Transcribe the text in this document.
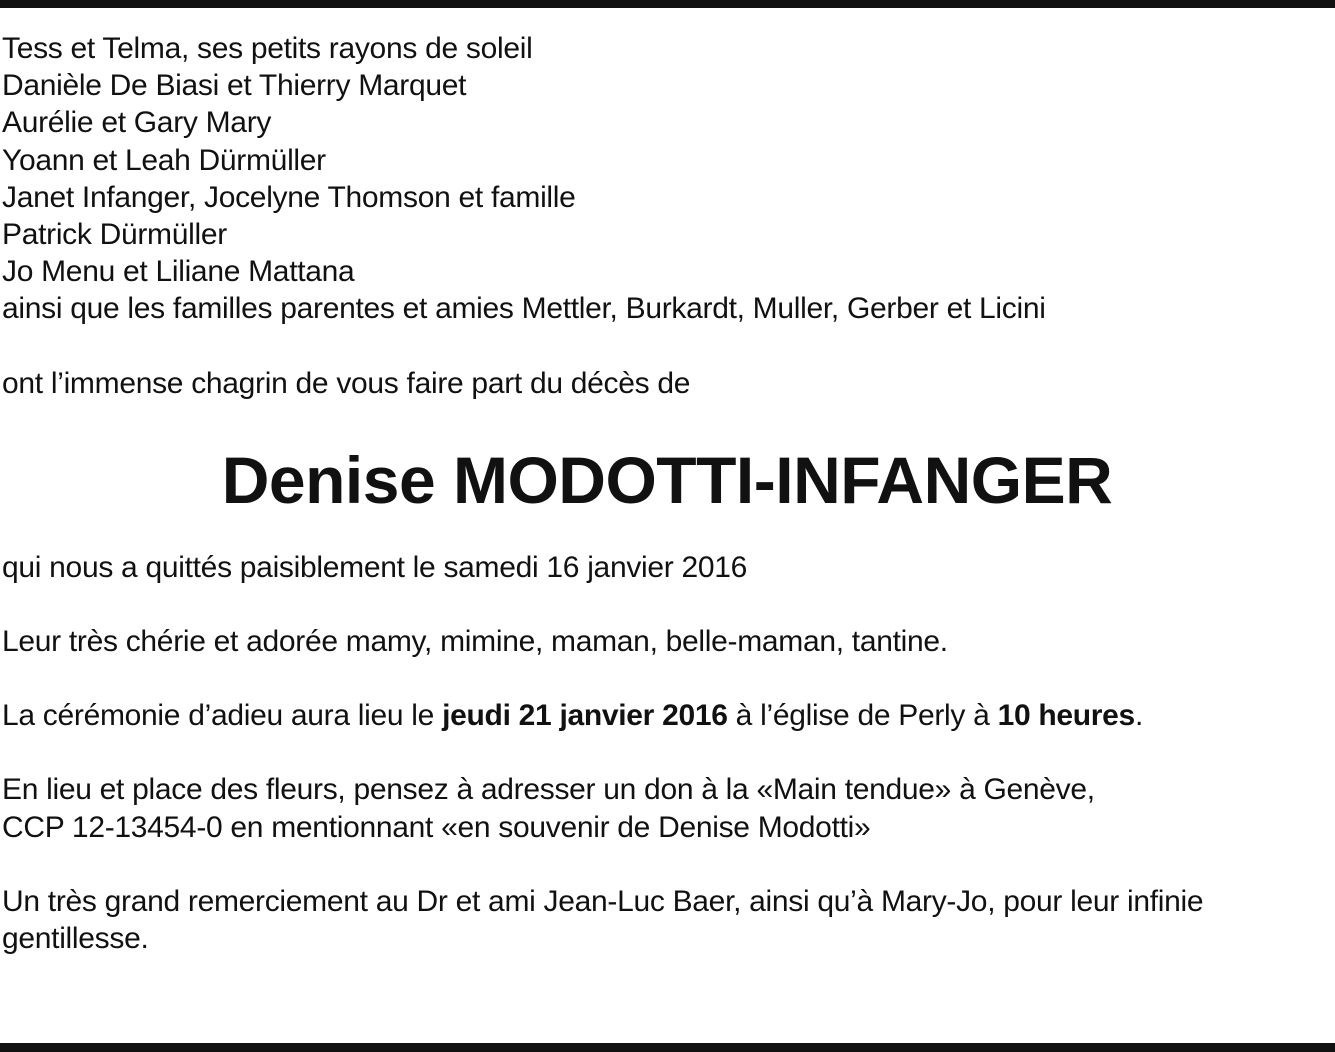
Tess et Telma, ses petits rayons de soleil
Danièle De Biasi et Thierry Marquet
Aurélie et Gary Mary
Yoann et Leah Dürmüller
Janet Infanger, Jocelyne Thomson et famille
Patrick Dürmüller
Jo Menu et Liliane Mattana
ainsi que les familles parentes et amies Mettler, Burkardt, Muller, Gerber et Licini
ont l’immense chagrin de vous faire part du décès de
Denise MODOTTI-INFANGER
qui nous a quittés paisiblement le samedi 16 janvier 2016
Leur très chérie et adorée mamy, mimine, maman, belle-maman, tantine.
La cérémonie d’adieu aura lieu le jeudi 21 janvier 2016 à l’église de Perly à 10 heures.
En lieu et place des fleurs, pensez à adresser un don à la «Main tendue» à Genève,
CCP 12-13454-0 en mentionnant «en souvenir de Denise Modotti»
Un très grand remerciement au Dr et ami Jean-Luc Baer, ainsi qu’à Mary-Jo, pour leur infinie
gentillesse.
